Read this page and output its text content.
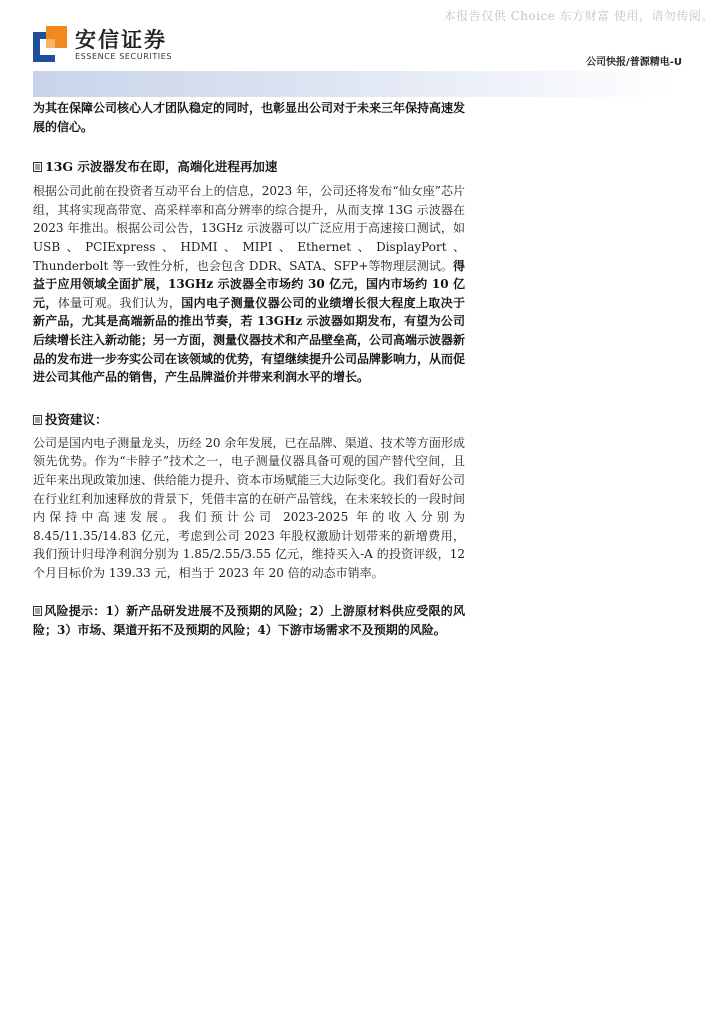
本报告仅供 Choice 东方财富 使用，请勿传阅。
安信证券
ESSENCE SECURITIES
公司快报/普源精电-U

为其在保障公司核心人才团队稳定的同时，也彰显出公司对于未来三年保持高速发展的信心。

13G 示波器发布在即，高端化进程再加速

根据公司此前在投资者互动平台上的信息，2023 年，公司还将发布“仙女座”芯片组，其将实现高带宽、高采样率和高分辨率的综合提升，从而支撑 13G 示波器在 2023 年推出。根据公司公告，13GHz 示波器可以广泛应用于高速接口测试，如 USB、PCIExpress、HDMI、MIPI、Ethernet、DisplayPort、Thunderbolt 等一致性分析，也会包含 DDR、SATA、SFP+等物理层测试。得益于应用领域全面扩展，13GHz 示波器全市场约 30 亿元，国内市场约 10 亿元，体量可观。我们认为，国内电子测量仪器公司的业绩增长很大程度上取决于新产品，尤其是高端新品的推出节奏，若 13GHz 示波器如期发布，有望为公司后续增长注入新动能；另一方面，测量仪器技术和产品壁垒高，公司高端示波器新品的发布进一步夯实公司在该领域的优势，有望继续提升公司品牌影响力，从而促进公司其他产品的销售，产生品牌溢价并带来利润水平的增长。

投资建议：

公司是国内电子测量龙头，历经 20 余年发展，已在品牌、渠道、技术等方面形成领先优势。作为“卡脖子”技术之一，电子测量仪器具备可观的国产替代空间，且近年来出现政策加速、供给能力提升、资本市场赋能三大边际变化。我们看好公司在行业红利加速释放的背景下，凭借丰富的在研产品管线，在未来较长的一段时间内保持中高速发展。我们预计公司 2023-2025 年的收入分别为 8.45/11.35/14.83 亿元，考虑到公司 2023 年股权激励计划带来的新增费用，我们预计归母净利润分别为 1.85/2.55/3.55 亿元，维持买入-A 的投资评级，12 个月目标价为 139.33 元，相当于 2023 年 20 倍的动态市销率。

风险提示：1）新产品研发进展不及预期的风险；2）上游原材料供应受限的风险；3）市场、渠道开拓不及预期的风险；4）下游市场需求不及预期的风险。
